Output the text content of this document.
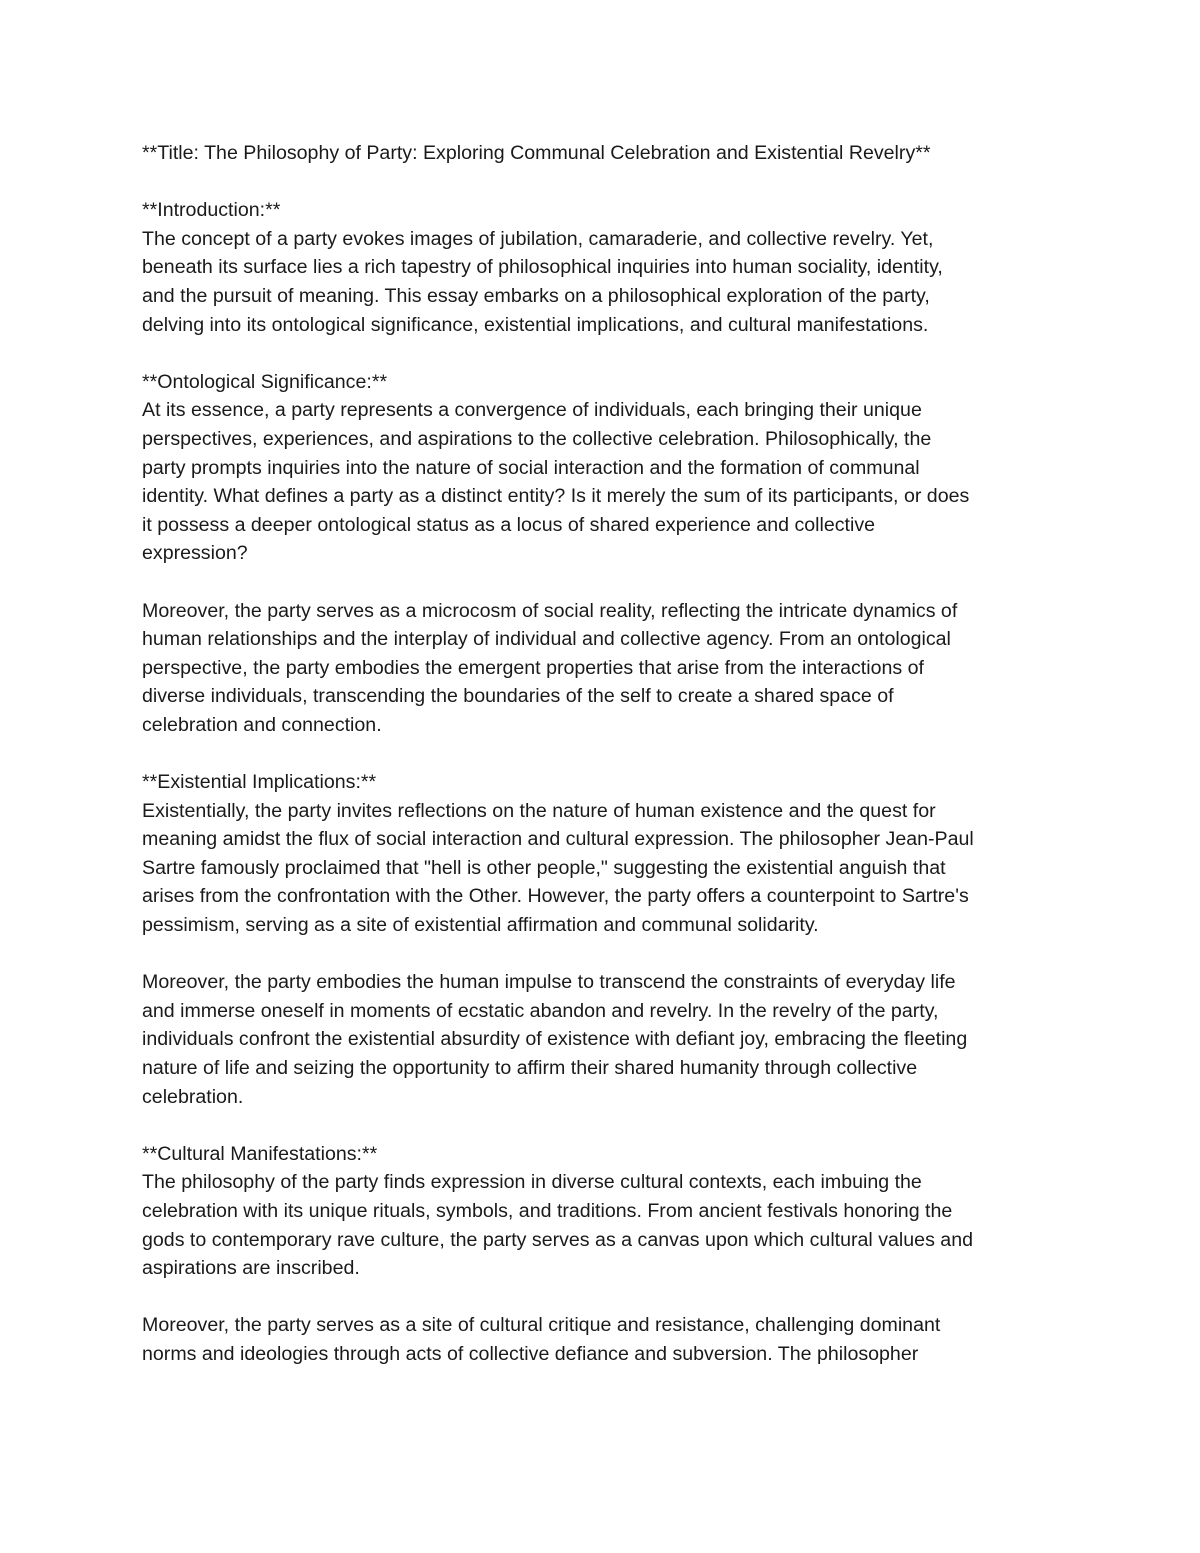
**Title: The Philosophy of Party: Exploring Communal Celebration and Existential Revelry**
**Introduction:**
The concept of a party evokes images of jubilation, camaraderie, and collective revelry. Yet,
beneath its surface lies a rich tapestry of philosophical inquiries into human sociality, identity,
and the pursuit of meaning. This essay embarks on a philosophical exploration of the party,
delving into its ontological significance, existential implications, and cultural manifestations.
**Ontological Significance:**
At its essence, a party represents a convergence of individuals, each bringing their unique
perspectives, experiences, and aspirations to the collective celebration. Philosophically, the
party prompts inquiries into the nature of social interaction and the formation of communal
identity. What defines a party as a distinct entity? Is it merely the sum of its participants, or does
it possess a deeper ontological status as a locus of shared experience and collective
expression?
Moreover, the party serves as a microcosm of social reality, reflecting the intricate dynamics of
human relationships and the interplay of individual and collective agency. From an ontological
perspective, the party embodies the emergent properties that arise from the interactions of
diverse individuals, transcending the boundaries of the self to create a shared space of
celebration and connection.
**Existential Implications:**
Existentially, the party invites reflections on the nature of human existence and the quest for
meaning amidst the flux of social interaction and cultural expression. The philosopher Jean-Paul
Sartre famously proclaimed that "hell is other people," suggesting the existential anguish that
arises from the confrontation with the Other. However, the party offers a counterpoint to Sartre's
pessimism, serving as a site of existential affirmation and communal solidarity.
Moreover, the party embodies the human impulse to transcend the constraints of everyday life
and immerse oneself in moments of ecstatic abandon and revelry. In the revelry of the party,
individuals confront the existential absurdity of existence with defiant joy, embracing the fleeting
nature of life and seizing the opportunity to affirm their shared humanity through collective
celebration.
**Cultural Manifestations:**
The philosophy of the party finds expression in diverse cultural contexts, each imbuing the
celebration with its unique rituals, symbols, and traditions. From ancient festivals honoring the
gods to contemporary rave culture, the party serves as a canvas upon which cultural values and
aspirations are inscribed.
Moreover, the party serves as a site of cultural critique and resistance, challenging dominant
norms and ideologies through acts of collective defiance and subversion. The philosopher
